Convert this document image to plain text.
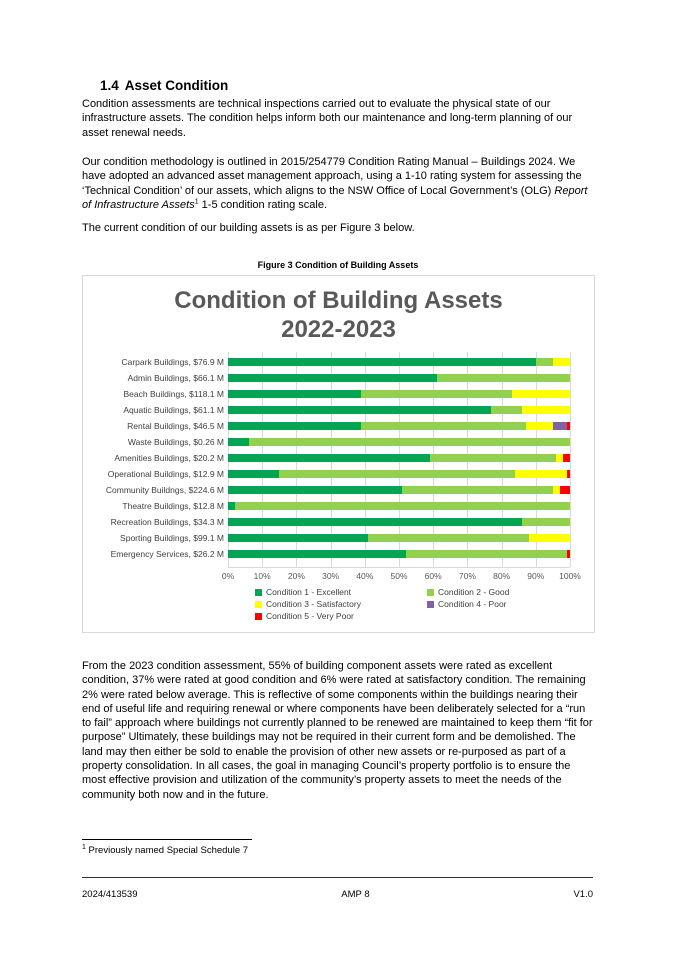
1.4 Asset Condition

Condition assessments are technical inspections carried out to evaluate the physical state of our infrastructure assets. The condition helps inform both our maintenance and long-term planning of our asset renewal needs.

Our condition methodology is outlined in 2015/254779 Condition Rating Manual – Buildings 2024. We have adopted an advanced asset management approach, using a 1-10 rating system for assessing the ‘Technical Condition’ of our assets, which aligns to the NSW Office of Local Government’s (OLG) Report of Infrastructure Assets$^1$ 1-5 condition rating scale.

The current condition of our building assets is as per Figure 3 below.

Figure 3 Condition of Building Assets
Condition of Building Assets
2022-2023
Carpark Buildings, $76.9 M
Admin Buildings, $66.1 M
Beach Buildings, $118.1 M
Aquatic Buildings, $61.1 M
Rental Buildings, $46.5 M
Waste Buildings, $0.26 M
Amenities Buildings, $20.2 M
Operational Buildings, $12.9 M
Community Buildngs, $224.6 M
Theatre Buildings, $12.8 M
Recreation Buildings, $34.3 M
Sporting Buildings, $99.1 M
Emergency Services, $26.2 M
0% 10% 20% 30% 40% 50% 60% 70% 80% 90% 100%
Condition 1 - Excellent	Condition 2 - Good
Condition 3 - Satisfactory	Condition 4 - Poor
Condition 5 - Very Poor

From the 2023 condition assessment, 55% of building component assets were rated as excellent condition, 37% were rated at good condition and 6% were rated at satisfactory condition. The remaining 2% were rated below average. This is reflective of some components within the buildings nearing their end of useful life and requiring renewal or where components have been deliberately selected for a “run to fail” approach where buildings not currently planned to be renewed are maintained to keep them “fit for purpose” Ultimately, these buildings may not be required in their current form and be demolished. The land may then either be sold to enable the provision of other new assets or re-purposed as part of a property consolidation. In all cases, the goal in managing Council’s property portfolio is to ensure the most effective provision and utilization of the community’s property assets to meet the needs of the community both now and in the future.

$^1$ Previously named Special Schedule 7
2024/413539	AMP 8	V1.0
